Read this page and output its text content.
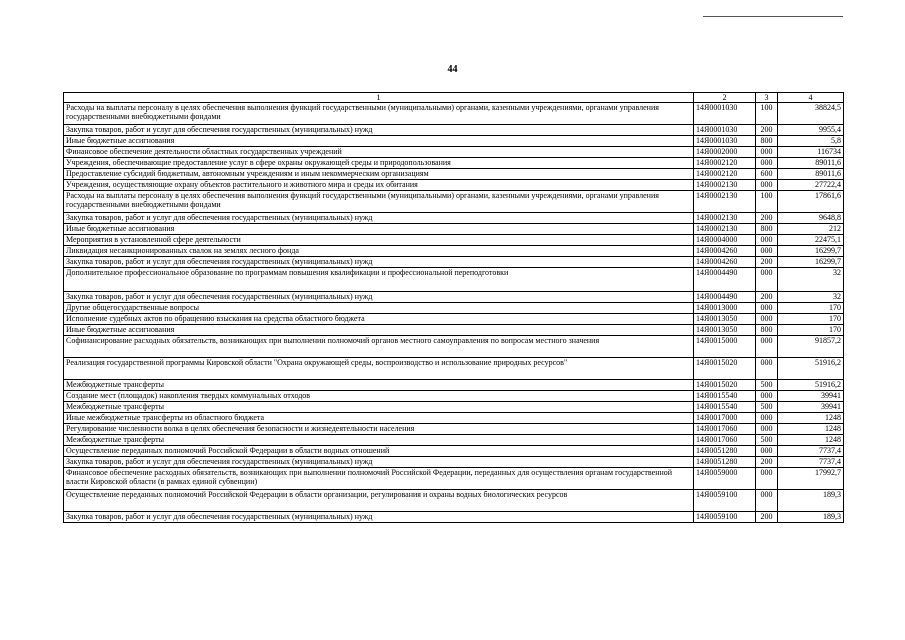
44
1	2	3	4
Расходы на выплаты персоналу в целях обеспечения выполнения функций государственными (муниципальными) органами, казенными учреждениями, органами управления государственными внебюджетными фондами	14Я0001030	100	38824,5
Закупка товаров, работ и услуг для обеспечения государственных (муниципальных) нужд	14Я0001030	200	9955,4
Иные бюджетные ассигнования	14Я0001030	800	5,8
Финансовое обеспечение деятельности областных государственных учреждений	14Я0002000	000	116734
Учреждения, обеспечивающие предоставление услуг в сфере охраны окружающей среды и природопользования	14Я0002120	000	89011,6
Предоставление субсидий бюджетным, автономным учреждениям и иным некоммерческим организациям	14Я0002120	600	89011,6
Учреждения, осуществляющие охрану объектов растительного и животного мира и среды их обитания	14Я0002130	000	27722,4
Расходы на выплаты персоналу в целях обеспечения выполнения функций государственными (муниципальными) органами, казенными учреждениями, органами управления государственными внебюджетными фондами	14Я0002130	100	17861,6
Закупка товаров, работ и услуг для обеспечения государственных (муниципальных) нужд	14Я0002130	200	9648,8
Иные бюджетные ассигнования	14Я0002130	800	212
Мероприятия в установленной сфере деятельности	14Я0004000	000	22475,1
Ликвидация несанкционированных свалок на землях лесного фонда	14Я0004260	000	16299,7
Закупка товаров, работ и услуг для обеспечения государственных (муниципальных) нужд	14Я0004260	200	16299,7
Дополнительное профессиональное образование по программам повышения квалификации и профессиональной переподготовки	14Я0004490	000	32
Закупка товаров, работ и услуг для обеспечения государственных (муниципальных) нужд	14Я0004490	200	32
Другие общегосударственные вопросы	14Я0013000	000	170
Исполнение судебных актов по обращению взыскания на средства областного бюджета	14Я0013050	000	170
Иные бюджетные ассигнования	14Я0013050	800	170
Софинансирование расходных обязательств, возникающих при выполнении полномочий органов местного самоуправления по вопросам местного значения	14Я0015000	000	91857,2
Реализация государственной программы Кировской области "Охрана окружающей среды, воспроизводство и использование природных ресурсов"	14Я0015020	000	51916,2
Межбюджетные трансферты	14Я0015020	500	51916,2
Создание мест (площадок) накопления твердых коммунальных отходов	14Я0015540	000	39941
Межбюджетные трансферты	14Я0015540	500	39941
Иные межбюджетные трансферты из областного бюджета	14Я0017000	000	1248
Регулирование численности волка в целях обеспечения безопасности и жизнедеятельности населения	14Я0017060	000	1248
Межбюджетные трансферты	14Я0017060	500	1248
Осуществление переданных полномочий Российской Федерации в области водных отношений	14Я0051280	000	7737,4
Закупка товаров, работ и услуг для обеспечения государственных (муниципальных) нужд	14Я0051280	200	7737,4
Финансовое обеспечение расходных обязательств, возникающих при выполнении полномочий Российской Федерации, переданных для осуществления органам государственной власти Кировской области (в рамках единой субвенции)	14Я0059000	000	17992,7
Осуществление переданных полномочий Российской Федерации в области организации, регулирования и охраны водных биологических ресурсов	14Я0059100	000	189,3
Закупка товаров, работ и услуг для обеспечения государственных (муниципальных) нужд	14Я0059100	200	189,3
